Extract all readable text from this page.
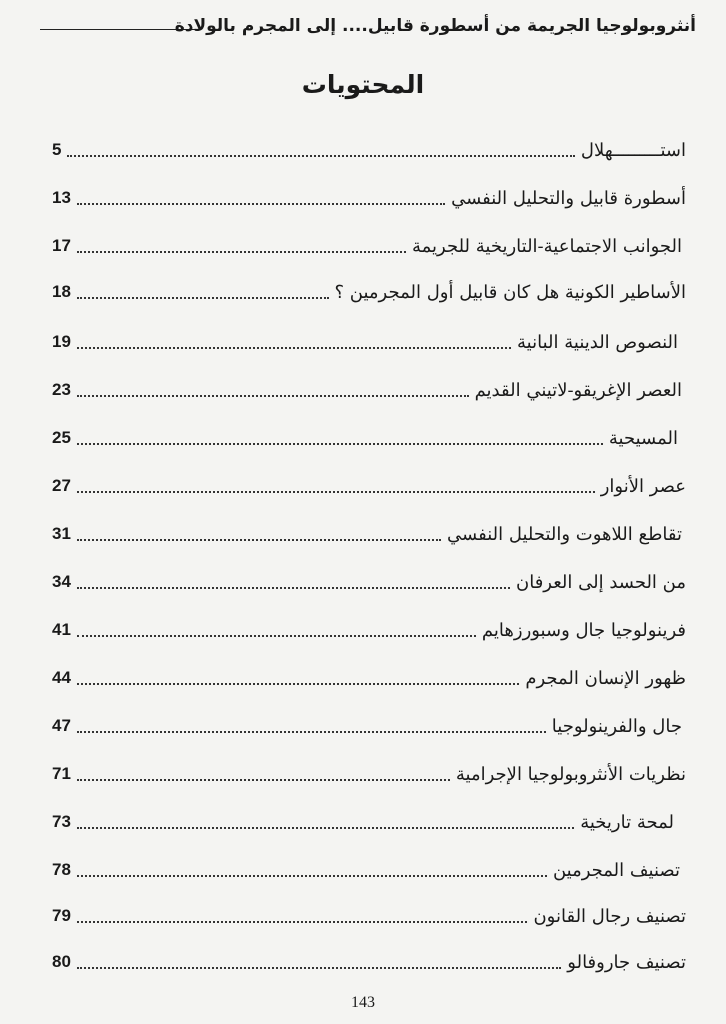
أنثروبولوجيا الجريمة من أسطورة قابيل.... إلى المجرم بالولادة
المحتويات
5	استـــــــــهلال
13	أسطورة قابيل والتحليل النفسي
17	الجوانب الاجتماعية-التاريخية للجريمة
18	الأساطير الكونية هل كان قابيل أول المجرمين ؟
19	النصوص الدينية البانية
23	العصر الإغريقو-لاتيني القديم
25	المسيحية
27	عصر الأنوار
31	تقاطع اللاهوت والتحليل النفسي
34	من الحسد إلى العرفان
41	فرينولوجيا جال وسبورزهايم
44	ظهور الإنسان المجرم
47	جال والفرينولوجيا
71	نظريات الأنثروبولوجيا الإجرامية
73	لمحة تاريخية
78	تصنيف المجرمين
79	تصنيف رجال القانون
80	تصنيف جاروفالو
143
